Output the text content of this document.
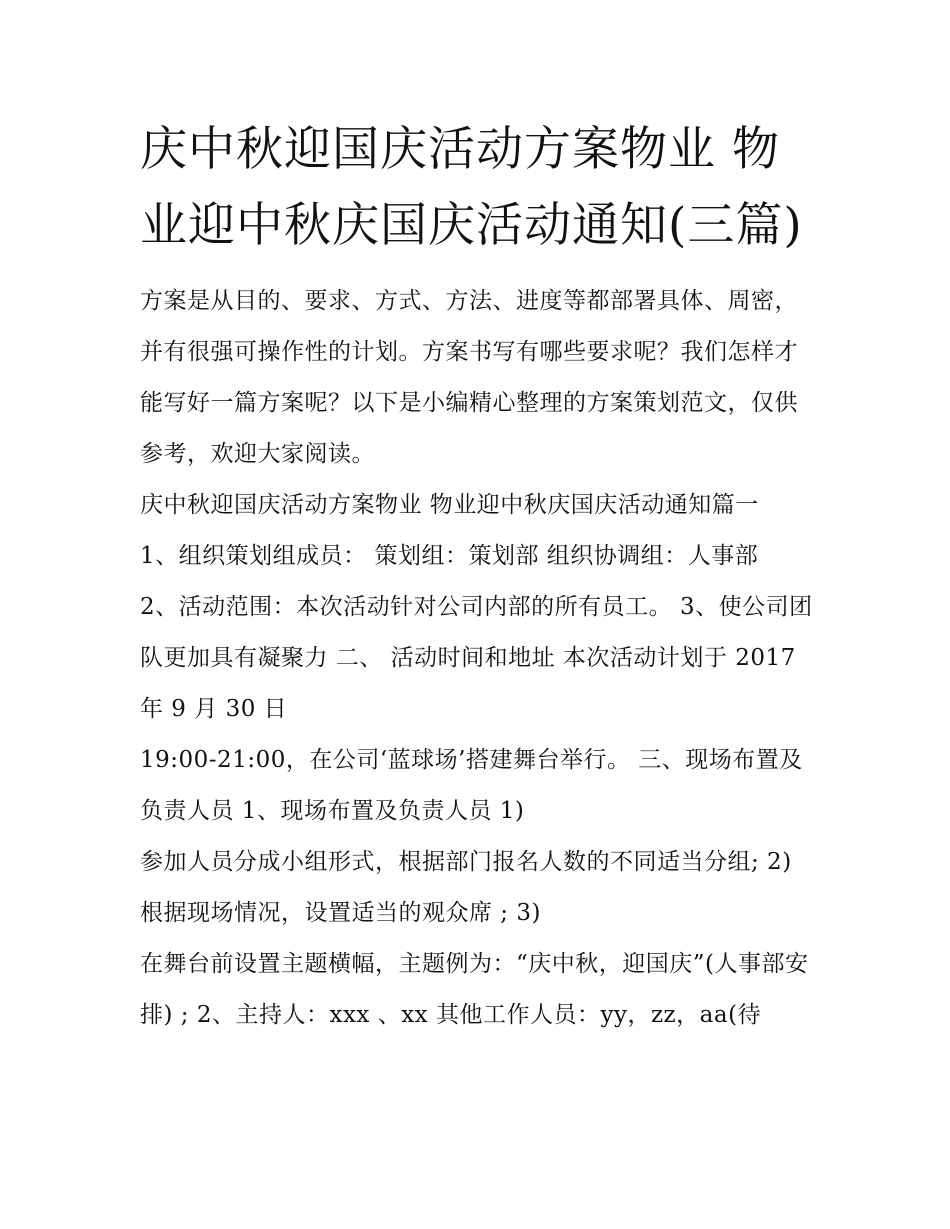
庆中秋迎国庆活动方案物业 物业迎中秋庆国庆活动通知(三篇)

方案是从目的、要求、方式、方法、进度等都部署具体、周密，并有很强可操作性的计划。方案书写有哪些要求呢？我们怎样才能写好一篇方案呢？以下是小编精心整理的方案策划范文，仅供参考，欢迎大家阅读。

庆中秋迎国庆活动方案物业 物业迎中秋庆国庆活动通知篇一

1、组织策划组成员： 策划组：策划部 组织协调组：人事部

2、活动范围：本次活动针对公司内部的所有员工。 3、使公司团队更加具有凝聚力 二、 活动时间和地址 本次活动计划于 2017 年 9 月 30 日

19:00-21:00，在公司‘蓝球场’搭建舞台举行。 三、现场布置及负责人员 1、现场布置及负责人员 1)

参加人员分成小组形式，根据部门报名人数的不同适当分组; 2) 根据现场情况，设置适当的观众席 ; 3)

在舞台前设置主题横幅，主题例为：“庆中秋，迎国庆”(人事部安排) ; 2、主持人：xxx 、xx 其他工作人员：yy，zz，aa(待
